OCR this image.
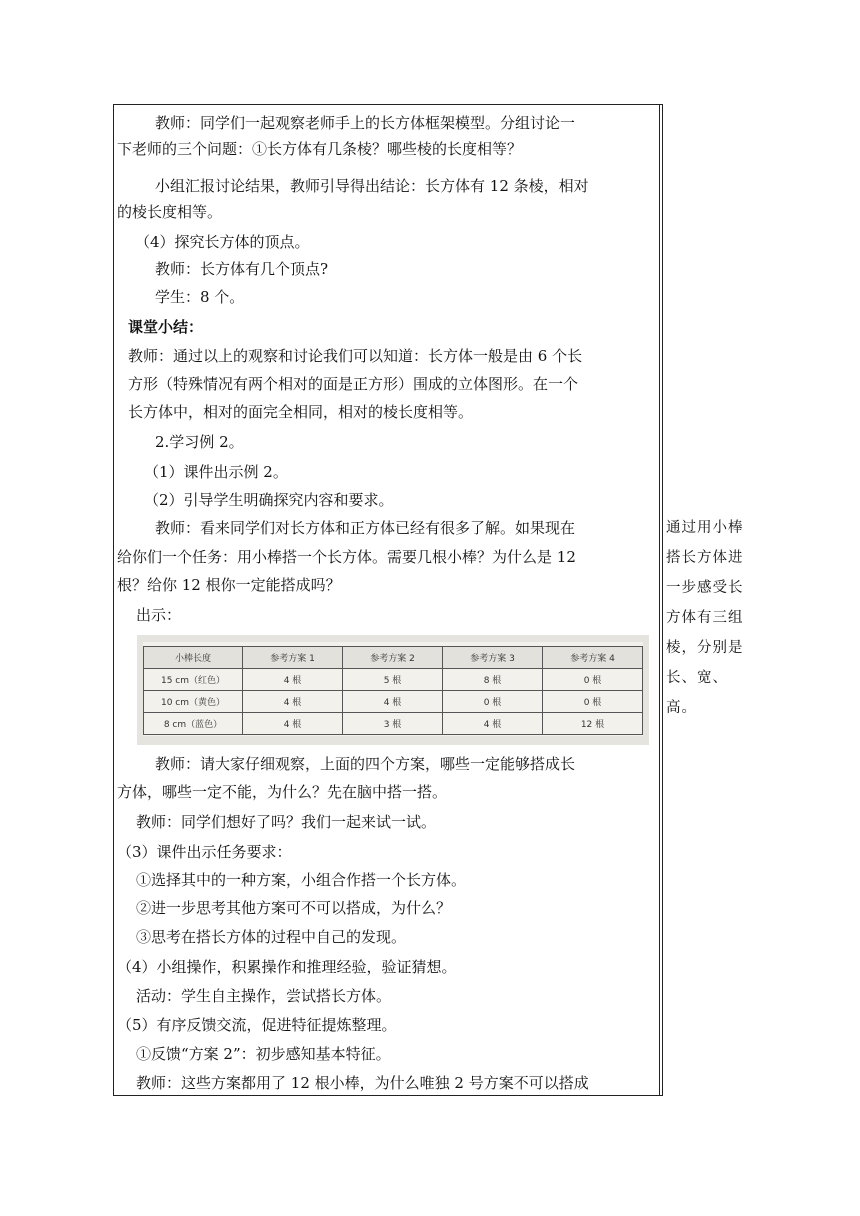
教师：同学们一起观察老师手上的长方体框架模型。分组讨论一
下老师的三个问题：①长方体有几条棱？哪些棱的长度相等？
小组汇报讨论结果，教师引导得出结论：长方体有 12 条棱，相对
的棱长度相等。
（4）探究长方体的顶点。
教师：长方体有几个顶点?
学生：8 个。
课堂小结：
教师：通过以上的观察和讨论我们可以知道：长方体一般是由 6 个长
方形（特殊情况有两个相对的面是正方形）围成的立体图形。在一个
长方体中，相对的面完全相同，相对的棱长度相等。
2.学习例 2。
（1）课件出示例 2。
（2）引导学生明确探究内容和要求。
教师：看来同学们对长方体和正方体已经有很多了解。如果现在
给你们一个任务：用小棒搭一个长方体。需要几根小棒？为什么是 12
根？给你 12 根你一定能搭成吗？
出示：
小棒长度	参考方案 1	参考方案 2	参考方案 3	参考方案 4
15 cm（红色）	4 根	5 根	8 根	0 根
10 cm（黄色）	4 根	4 根	0 根	0 根
8 cm（蓝色）	4 根	3 根	4 根	12 根
教师：请大家仔细观察，上面的四个方案，哪些一定能够搭成长
方体，哪些一定不能，为什么？先在脑中搭一搭。
教师：同学们想好了吗？我们一起来试一试。
（3）课件出示任务要求：
①选择其中的一种方案，小组合作搭一个长方体。
②进一步思考其他方案可不可以搭成，为什么？
③思考在搭长方体的过程中自己的发现。
（4）小组操作，积累操作和推理经验，验证猜想。
活动：学生自主操作，尝试搭长方体。
（5）有序反馈交流，促进特征提炼整理。
①反馈“方案 2”：初步感知基本特征。
教师：这些方案都用了 12 根小棒，为什么唯独 2 号方案不可以搭成
通过用小棒搭长方体进一步感受长方体有三组棱，分别是长、宽、高。
